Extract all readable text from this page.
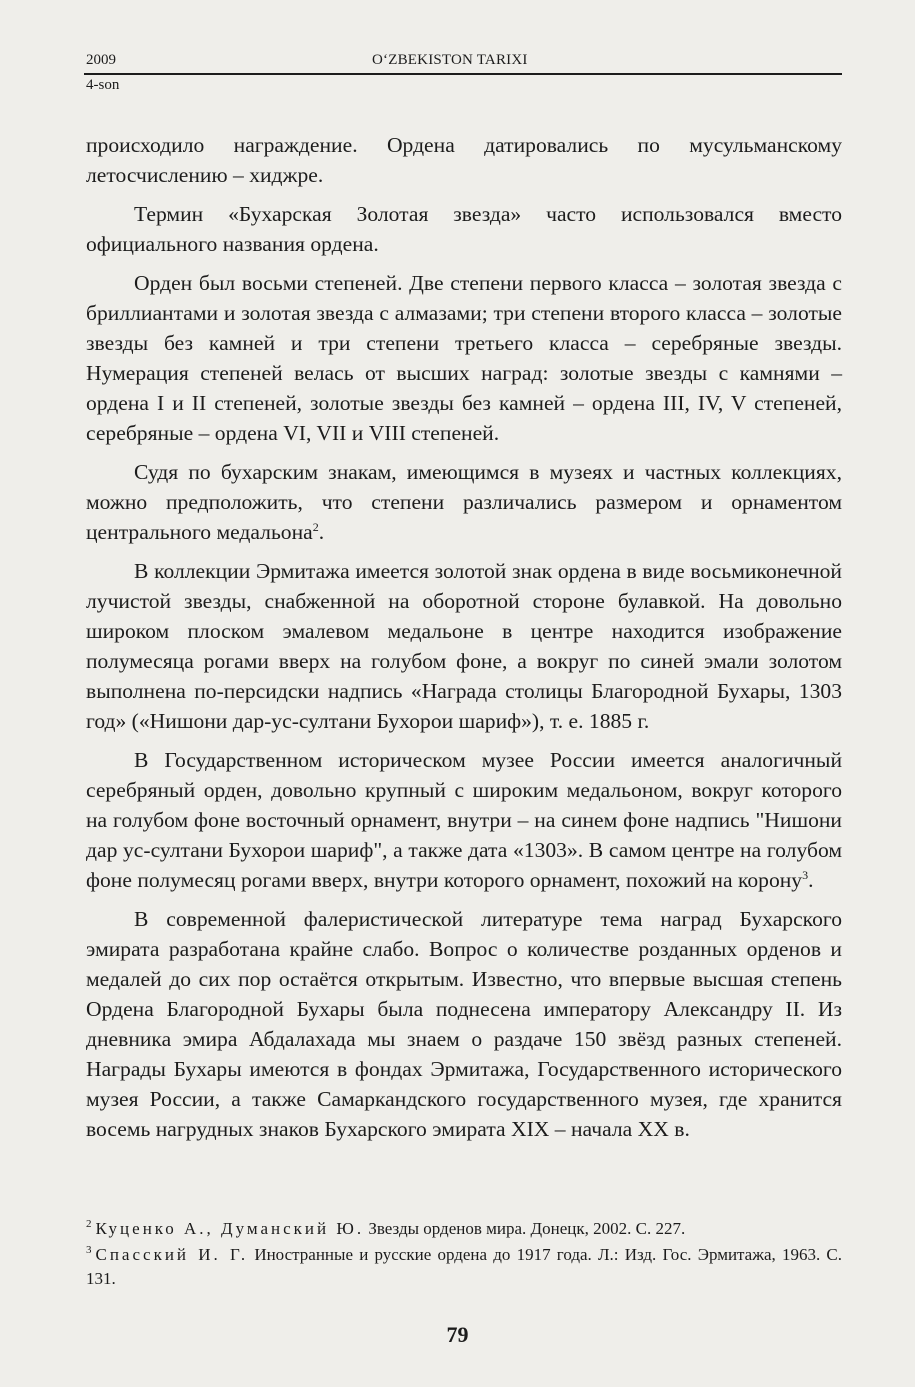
2009	O‘ZBEKISTON TARIXI
4-son

происходило награждение. Ордена датировались по мусульманскому летосчислению – хиджре.

Термин «Бухарская Золотая звезда» часто использовался вместо официального названия ордена.

Орден был восьми степеней. Две степени первого класса – золотая звезда с бриллиантами и золотая звезда с алмазами; три степени второго класса – золотые звезды без камней и три степени третьего класса – серебряные звезды. Нумерация степеней велась от высших наград: золотые звезды с камнями – ордена I и II степеней, золотые звезды без камней – ордена III, IV, V степеней, серебряные – ордена VI, VII и VIII степеней.

Судя по бухарским знакам, имеющимся в музеях и частных коллекциях, можно предположить, что степени различались размером и орнаментом центрального медальона$^2$.

В коллекции Эрмитажа имеется золотой знак ордена в виде восьмиконечной лучистой звезды, снабженной на оборотной стороне булавкой. На довольно широком плоском эмалевом медальоне в центре находится изображение полумесяца рогами вверх на голубом фоне, а вокруг по синей эмали золотом выполнена по-персидски надпись «Награда столицы Благородной Бухары, 1303 год» («Нишони дар-ус-султани Бухорои шариф»), т. е. 1885 г.

В Государственном историческом музее России имеется аналогичный серебряный орден, довольно крупный с широким медальоном, вокруг которого на голубом фоне восточный орнамент, внутри – на синем фоне надпись "Нишони дар ус-султани Бухорои шариф", а также дата «1303». В самом центре на голубом фоне полумесяц рогами вверх, внутри которого орнамент, похожий на корону$^3$.

В современной фалеристической литературе тема наград Бухарского эмирата разработана крайне слабо. Вопрос о количестве розданных орденов и медалей до сих пор остаётся открытым. Известно, что впервые высшая степень Ордена Благородной Бухары была поднесена императору Александру II. Из дневника эмира Абдалахада мы знаем о раздаче 150 звёзд разных степеней. Награды Бухары имеются в фондах Эрмитажа, Государственного исторического музея России, а также Самаркандского государственного музея, где хранится восемь нагрудных знаков Бухарского эмирата XIX – начала XX в.

$^2$ Куценко А., Думанский Ю. Звезды орденов мира. Донецк, 2002. С. 227.
$^3$ Спасский И. Г. Иностранные и русские ордена до 1917 года. Л.: Изд. Гос. Эрмитажа, 1963. С. 131.
79
